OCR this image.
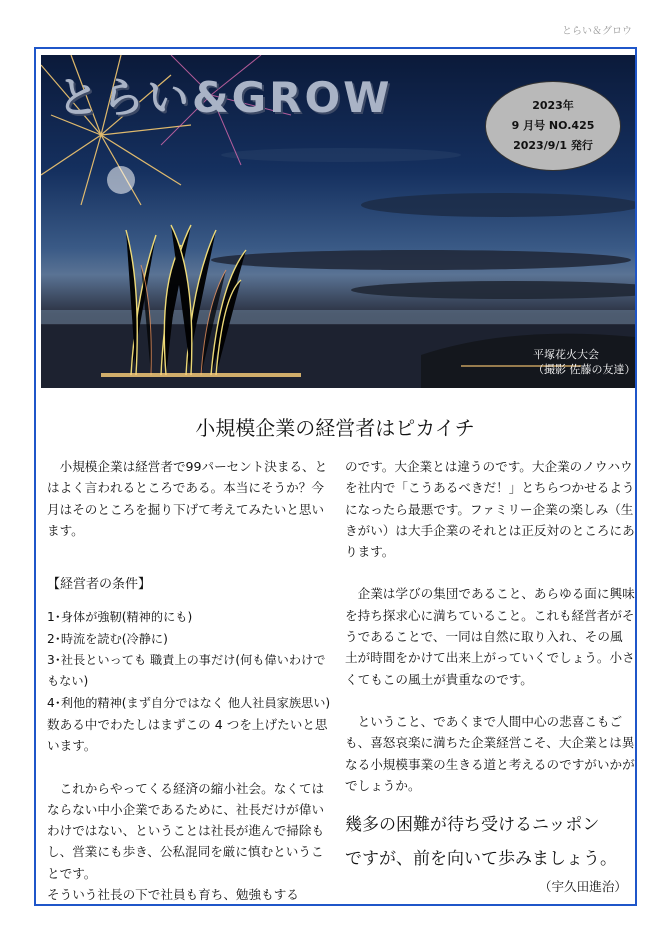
とらい＆グロウ
とらい&GROW	2023年
9 月号 NO.425
2023/9/1 発行
平塚花火大会
（撮影 佐藤の友達）
小規模企業の経営者はピカイチ

小規模企業は経営者で99パーセント決まる、とはよく言われるところである。本当にそうか？今月はそのところを掘り下げて考えてみたいと思います。

【経営者の条件】

1･身体が強靭(精神的にも)

2･時流を読む(冷静に)

3･社長といっても 職責上の事だけ(何も偉いわけでもない)

4･利他的精神(まず自分ではなく 他人社員家族思い)

数ある中でわたしはまずこの 4 つを上げたいと思います。

これからやってくる経済の縮小社会。なくてはならない中小企業であるために、社長だけが偉いわけではない、ということは社長が進んで掃除もし、営業にも歩き、公私混同を厳に慎むということです。

そういう社長の下で社員も育ち、勉強もする

のです。大企業とは違うのです。大企業のノウハウを社内で「こうあるべきだ！」とちらつかせるようになったら最悪です。ファミリー企業の楽しみ（生きがい）は大手企業のそれとは正反対のところにあります。

企業は学びの集団であること、あらゆる面に興味を持ち探求心に満ちていること。これも経営者がそうであることで、一同は自然に取り入れ、その風土が時間をかけて出来上がっていくでしょう。小さくてもこの風土が貴重なのです。

ということ、であくまで人間中心の悲喜こもごも、喜怒哀楽に満ちた企業経営こそ、大企業とは異なる小規模事業の生きる道と考えるのですがいかがでしょうか。

幾多の困難が待ち受けるニッポン

ですが、前を向いて歩みましょう。

（宇久田進治）
